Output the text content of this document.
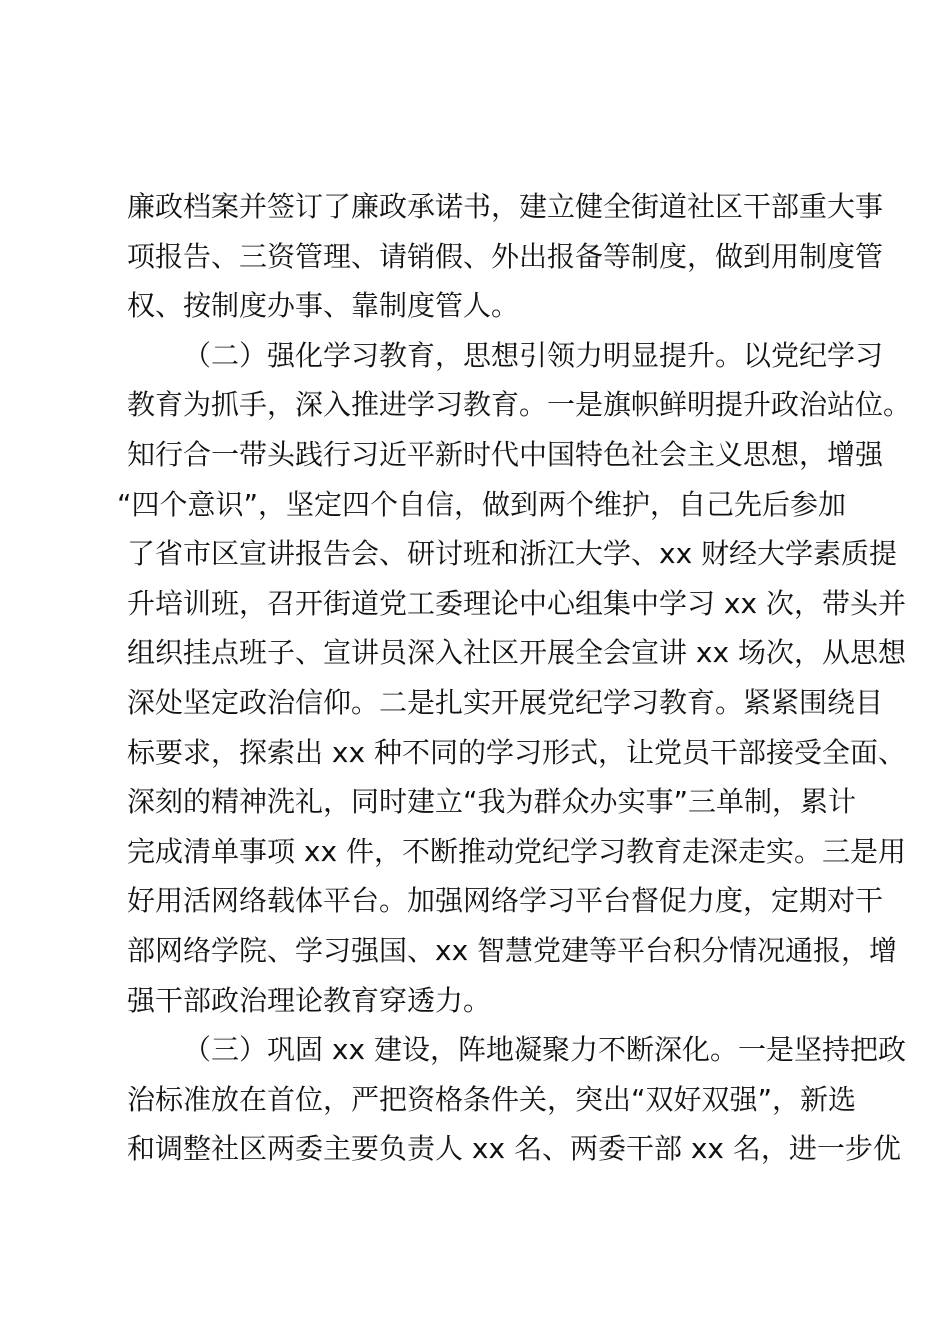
廉政档案并签订了廉政承诺书，建立健全街道社区干部重大事
项报告、三资管理、请销假、外出报备等制度，做到用制度管
权、按制度办事、靠制度管人。
（二）强化学习教育，思想引领力明显提升。以党纪学习
教育为抓手，深入推进学习教育。一是旗帜鲜明提升政治站位。
知行合一带头践行习近平新时代中国特色社会主义思想，增强
“四个意识”，坚定四个自信，做到两个维护，自己先后参加
了省市区宣讲报告会、研讨班和浙江大学、xx 财经大学素质提
升培训班，召开街道党工委理论中心组集中学习 xx 次，带头并
组织挂点班子、宣讲员深入社区开展全会宣讲 xx 场次，从思想
深处坚定政治信仰。二是扎实开展党纪学习教育。紧紧围绕目
标要求，探索出 xx 种不同的学习形式，让党员干部接受全面、
深刻的精神洗礼，同时建立“我为群众办实事”三单制，累计
完成清单事项 xx 件，不断推动党纪学习教育走深走实。三是用
好用活网络载体平台。加强网络学习平台督促力度，定期对干
部网络学院、学习强国、xx 智慧党建等平台积分情况通报，增
强干部政治理论教育穿透力。
（三）巩固 xx 建设，阵地凝聚力不断深化。一是坚持把政
治标准放在首位，严把资格条件关，突出“双好双强”，新选
和调整社区两委主要负责人 xx 名、两委干部 xx 名，进一步优
